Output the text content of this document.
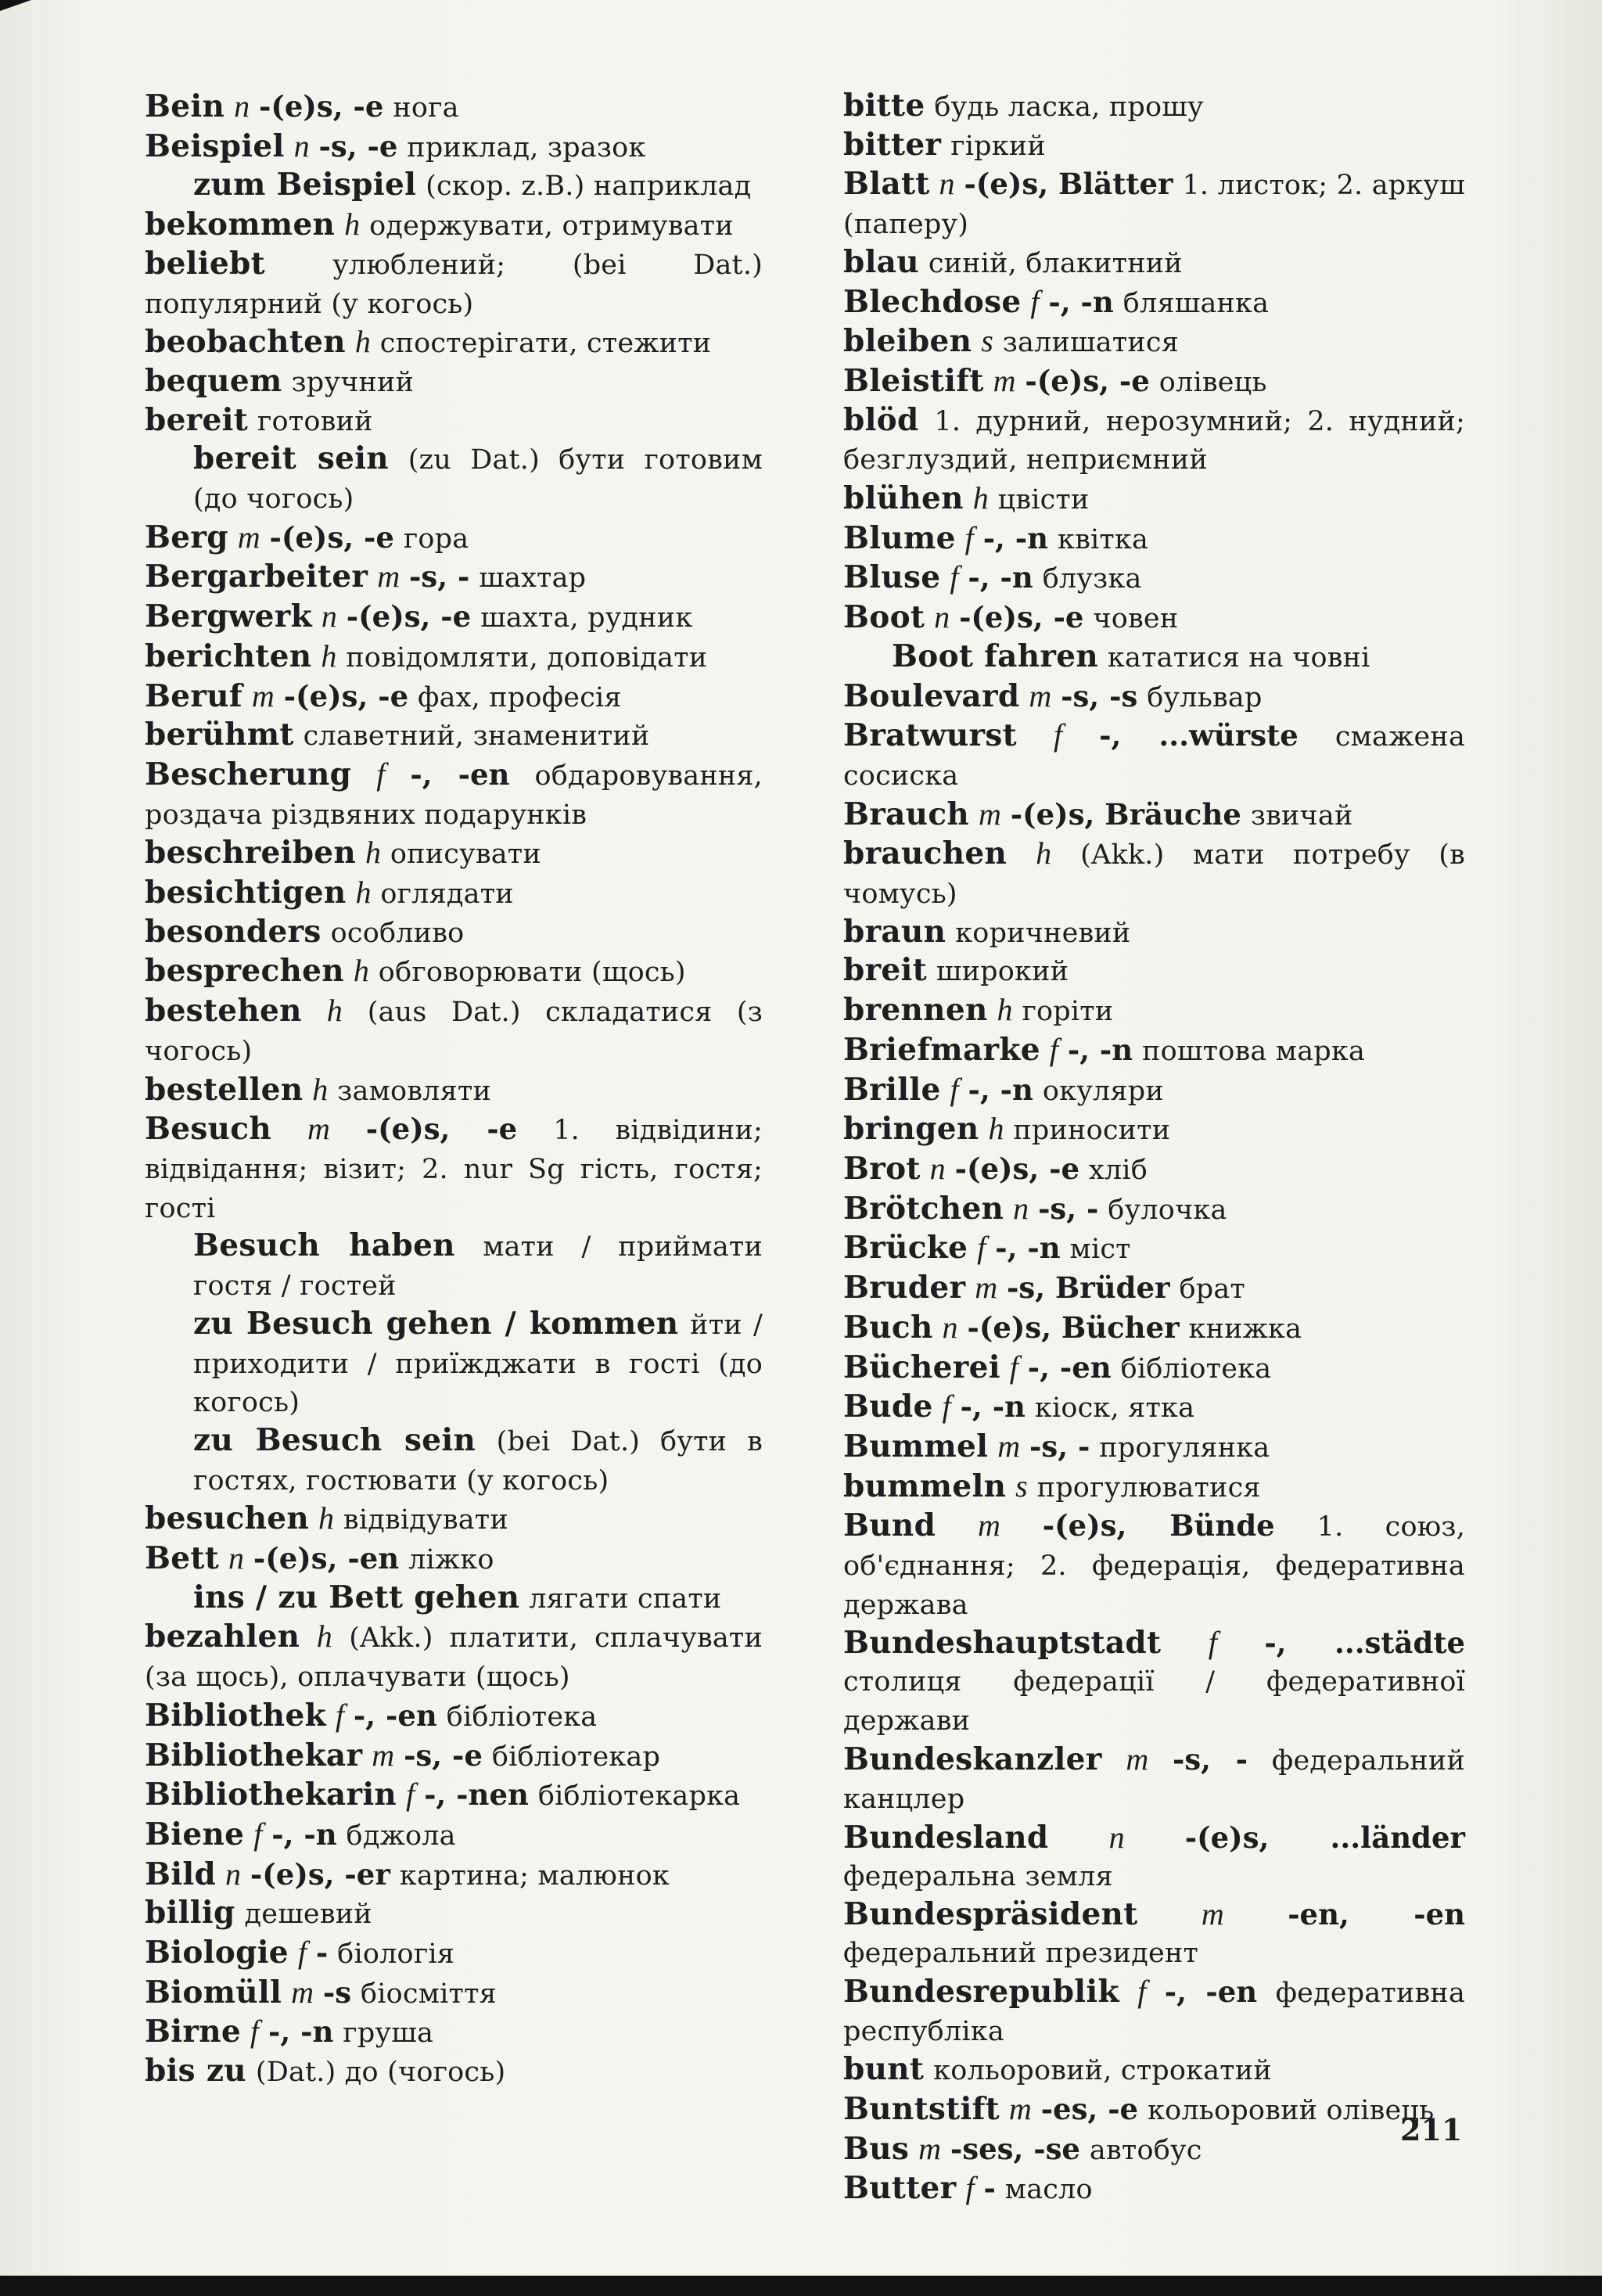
Bein n -(e)s, -e нога
Beispiel n -s, -e приклад, зразок
zum Beispiel (скор. z.B.) наприклад
bekommen h одержувати, отримувати
beliebt улюблений; (bei Dat.) популярний (у когось)
beobachten h спостерігати, стежити
bequem зручний
bereit готовий
bereit sein (zu Dat.) бути готовим (до чогось)
Berg m -(e)s, -e гора
Bergarbeiter m -s, - шахтар
Bergwerk n -(e)s, -e шахта, рудник
berichten h повідомляти, доповідати
Beruf m -(e)s, -e фах, професія
berühmt славетний, знаменитий
Bescherung f -, -en обдаровування, роздача різдвяних подарунків
beschreiben h описувати
besichtigen h оглядати
besonders особливо
besprechen h обговорювати (щось)
bestehen h (aus Dat.) складатися (з чогось)
bestellen h замовляти
Besuch m -(e)s, -e 1. відвідини; відвідання; візит; 2. nur Sg гість, гостя; гості
Besuch haben мати / приймати гостя / гостей
zu Besuch gehen / kommen йти / приходити / приїжджати в гості (до когось)
zu Besuch sein (bei Dat.) бути в гостях, гостювати (у когось)
besuchen h відвідувати
Bett n -(e)s, -en ліжко
ins / zu Bett gehen лягати спати
bezahlen h (Akk.) платити, сплачувати (за щось), оплачувати (щось)
Bibliothek f -, -en бібліотека
Bibliothekar m -s, -e бібліотекар
Bibliothekarin f -, -nen бібліотекарка
Biene f -, -n бджола
Bild n -(e)s, -er картина; малюнок
billig дешевий
Biologie f - біологія
Biomüll m -s біосміття
Birne f -, -n груша
bis zu (Dat.) до (чогось)
bitte будь ласка, прошу
bitter гіркий
Blatt n -(e)s, Blätter 1. листок; 2. аркуш (паперу)
blau синій, блакитний
Blechdose f -, -n бляшанка
bleiben s залишатися
Bleistift m -(e)s, -e олівець
blöd 1. дурний, нерозумний; 2. нудний; безглуздий, неприємний
blühen h цвісти
Blume f -, -n квітка
Bluse f -, -n блузка
Boot n -(e)s, -e човен
Boot fahren кататися на човні
Boulevard m -s, -s бульвар
Bratwurst f -, ...würste смажена сосиска
Brauch m -(e)s, Bräuche звичай
brauchen h (Akk.) мати потребу (в чомусь)
braun коричневий
breit широкий
brennen h горіти
Briefmarke f -, -n поштова марка
Brille f -, -n окуляри
bringen h приносити
Brot n -(e)s, -e хліб
Brötchen n -s, - булочка
Brücke f -, -n міст
Bruder m -s, Brüder брат
Buch n -(e)s, Bücher книжка
Bücherei f -, -en бібліотека
Bude f -, -n кіоск, ятка
Bummel m -s, - прогулянка
bummeln s прогулюватися
Bund m -(e)s, Bünde 1. союз, об'єднання; 2. федерація, федеративна держава
Bundeshauptstadt f -, ...städte столиця федерації / федеративної держави
Bundeskanzler m -s, - федеральний канцлер
Bundesland n -(e)s, ...länder федеральна земля
Bundespräsident m -en, -en федеральний президент
Bundesrepublik f -, -en федеративна республіка
bunt кольоровий, строкатий
Buntstift m -es, -e кольоровий олівець
Bus m -ses, -se автобус
Butter f - масло
211
